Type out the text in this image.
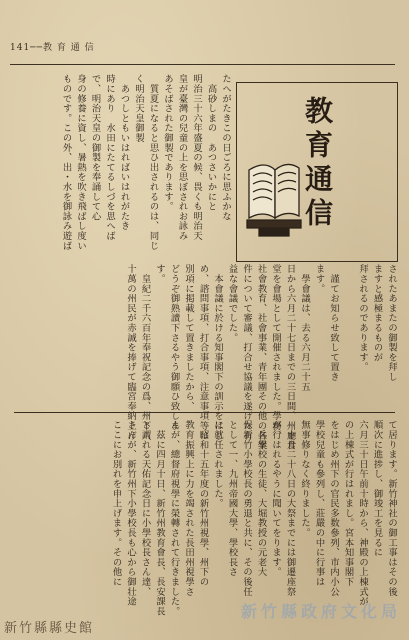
141──教 育 通 信
たへがたきこの日ごろに思ふかな
　高砂しまの　あつさいかにと
明治三十六年盛夏の候、畏くも明治天
皇が臺灣の兒童の上を思ぼされお詠み
あそばされた御製であります。
　質夏になると思ひ出されるのは、同じ
く明治天皇御製
　あつしともいはればいはれがたき
時にあり　水田にたてるしづを思へば
で、明治天皇の御製を奉誦して心
身の修養に資し、暑熱を吹き飛ばし度い
ものです。この外、出・水を御詠み遊ば	教育通信
されたあまたの御製を拜し
ますと感極まるものが
拜されるのであります。

　謹てお知らせ致して置き
ます。
　學會議は、去る六月二十五
日から六月二十七日までの三日間、州廳食
堂を會場として開催されました。學務、
社會教育、社會事業、青年團その他の各案
件について審議、打合せ協議を遂げた有
益な會議でした。
　本會議に於ける知事閣下の訓示をはじ
め、諮問事項、打合事項、注意事項等は
別項に掲載して置きましたから、
どうぞ御熟讀下さるやう御願ひ致しま
す。
　皇紀二千六百年奉祝記念の爲、州下八
十萬の州民が赤誠を捧げて臨宮奉納上げ
て居ります。新竹神社の御工事はその後
順次に進捗し、御竣工を見るに
六月三十日午前十時から、神殿の上棟式が
の上棟式が行はれまし。宮本知事閣下
をはじめ州下の官民多数參列、市内小公
學校兒童も參列し、莊嚴の中に行事は
無事修りなく終りました。
　十月二十八日の大祭までには御遷座祭
が行はれるやうに聞いてをります。
　兵學校の生徒、大堀教授の元老大
保新竹小學校長の勇退と共に、その後任
として一、九州帝國大學、學校長さ
に就任されました。
　昭和十五年度の新竹州視學、州下の
教育振興上に力を竭された長田州視學さ
んが、總督府視學に榮轉されて行きました。
　茲に四月十日、新竹州教育會長、長安課長
と謂れる天佑記念日に小學校長さん達、
さんが、新竹州下小學校長も心から御壮途
ここにお別れを申上げます。その他に
新竹縣縣史館
新竹縣政府文化局
